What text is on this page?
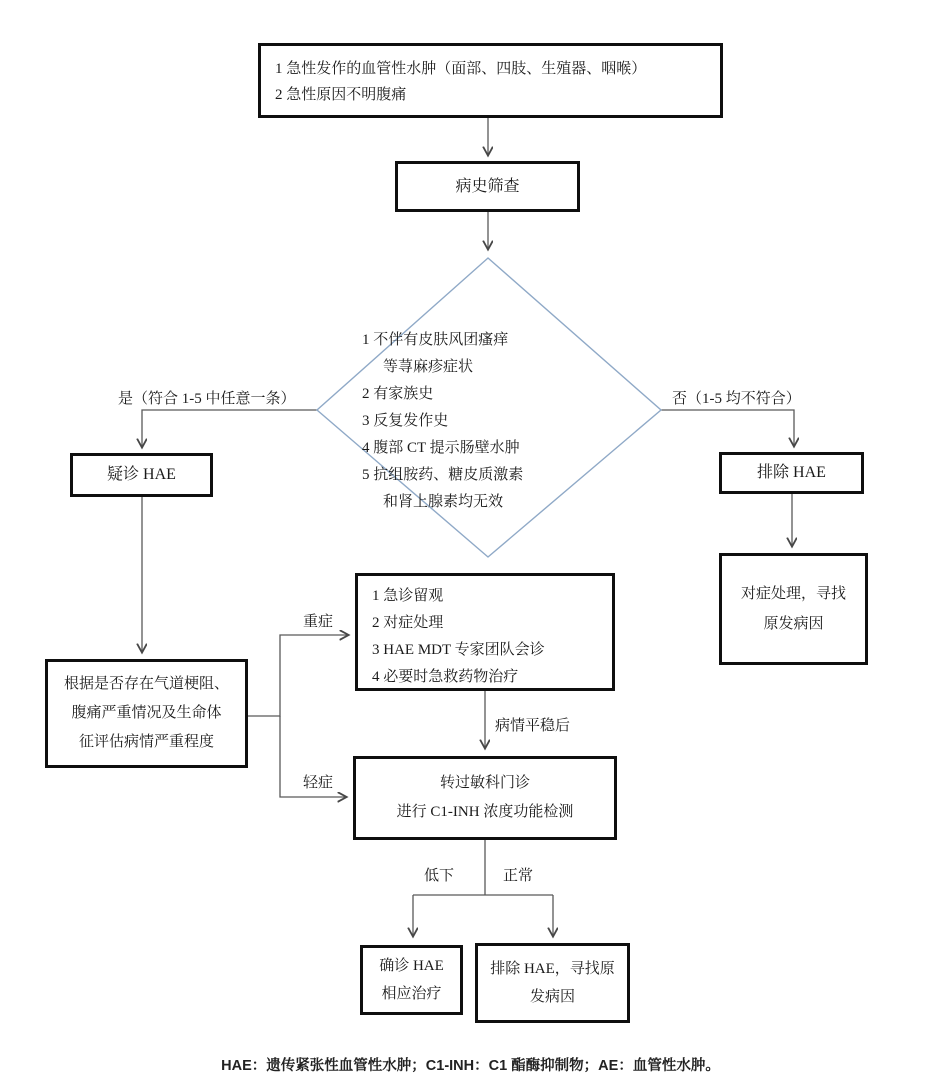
1 急性发作的血管性水肿（面部、四肢、生殖器、咽喉）
2 急性原因不明腹痛
病史筛查
1 不伴有皮肤风团瘙痒
等荨麻疹症状
2 有家族史
3 反复发作史
4 腹部 CT 提示肠壁水肿
5 抗组胺药、糖皮质激素
和肾上腺素均无效
是（符合 1-5 中任意一条）	否（1-5 均不符合）
疑诊 HAE	排除 HAE
对症处理，寻找
原发病因
根据是否存在气道梗阻、
腹痛严重情况及生命体
征评估病情严重程度
重症
轻症
1 急诊留观
2 对症处理
3 HAE MDT 专家团队会诊
4 必要时急救药物治疗
病情平稳后
转过敏科门诊
进行 C1-INH 浓度功能检测
低下	正常
确诊 HAE
相应治疗
排除 HAE，寻找原
发病因
HAE：遗传紧张性血管性水肿；C1-INH：C1 酯酶抑制物；AE：血管性水肿。
